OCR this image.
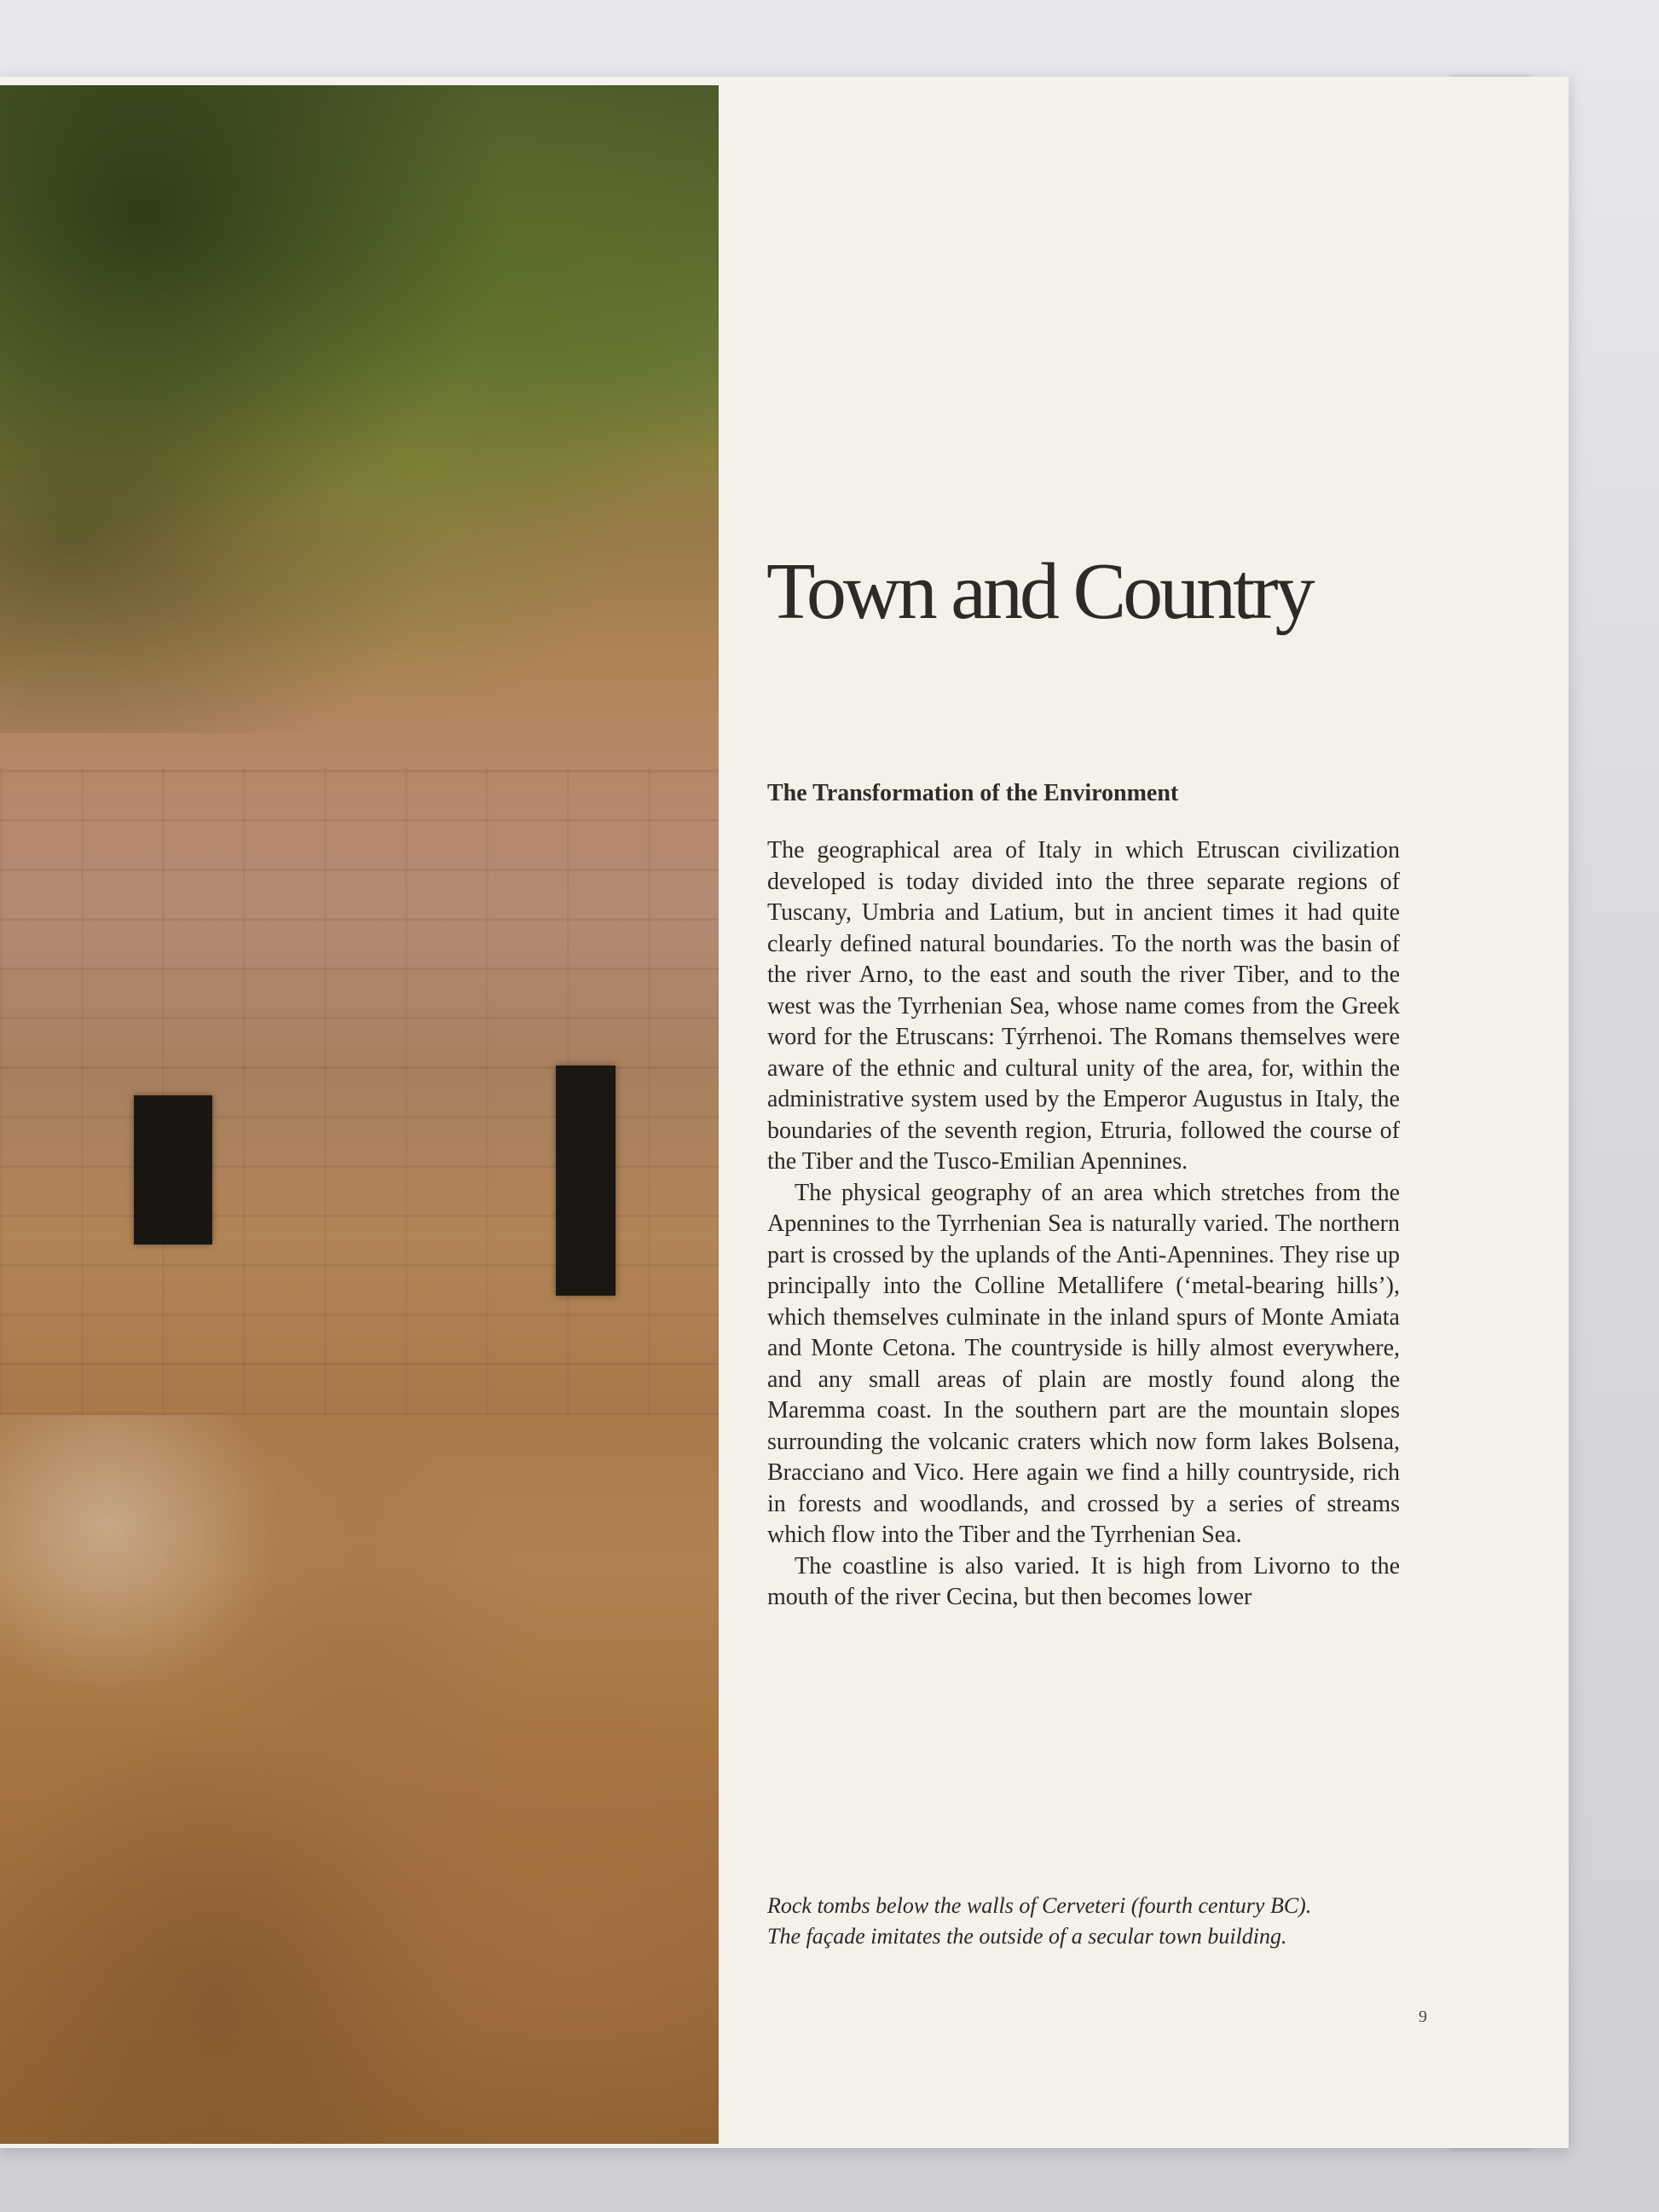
Town and Country
The Transformation of the Environment

The geographical area of Italy in which Etruscan civilization developed is today divided into the three separate regions of Tuscany, Umbria and Latium, but in ancient times it had quite clearly defined natural boundaries. To the north was the basin of the river Arno, to the east and south the river Tiber, and to the west was the Tyrrhenian Sea, whose name comes from the Greek word for the Etruscans: Týrrhenoi. The Romans themselves were aware of the ethnic and cultural unity of the area, for, within the administrative system used by the Emperor Augustus in Italy, the boundaries of the seventh region, Etruria, followed the course of the Tiber and the Tusco-Emilian Apennines.

The physical geography of an area which stretches from the Apennines to the Tyrrhenian Sea is naturally varied. The northern part is crossed by the uplands of the Anti-Apennines. They rise up principally into the Colline Metallifere (‘metal-bearing hills’), which themselves culminate in the inland spurs of Monte Amiata and Monte Cetona. The countryside is hilly almost everywhere, and any small areas of plain are mostly found along the Maremma coast. In the southern part are the mountain slopes surrounding the volcanic craters which now form lakes Bolsena, Bracciano and Vico. Here again we find a hilly countryside, rich in forests and woodlands, and crossed by a series of streams which flow into the Tiber and the Tyrrhenian Sea.

The coastline is also varied. It is high from Livorno to the mouth of the river Cecina, but then becomes lower

Rock tombs below the walls of Cerveteri (fourth century BC).
The façade imitates the outside of a secular town building.
9
